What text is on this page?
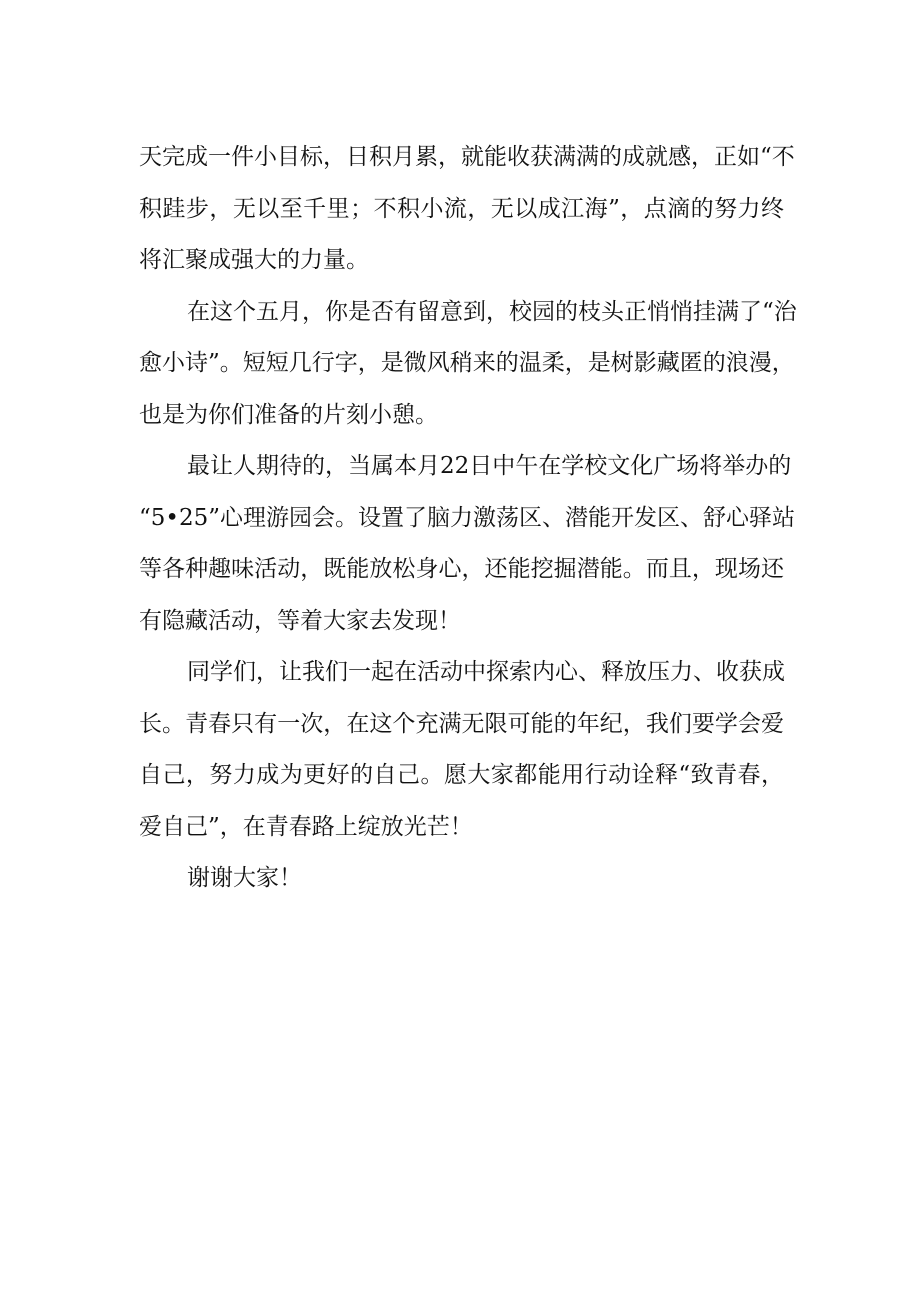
天完成一件小目标，日积月累，就能收获满满的成就感，正如“不
积跬步，无以至千里；不积小流，无以成江海”，点滴的努力终
将汇聚成强大的力量。
在这个五月，你是否有留意到，校园的枝头正悄悄挂满了“治
愈小诗”。短短几行字，是微风稍来的温柔，是树影藏匿的浪漫，
也是为你们准备的片刻小憩。
最让人期待的，当属本月22日中午在学校文化广场将举办的
“5•25”心理游园会。设置了脑力激荡区、潜能开发区、舒心驿站
等各种趣味活动，既能放松身心，还能挖掘潜能。而且，现场还
有隐藏活动，等着大家去发现！
同学们，让我们一起在活动中探索内心、释放压力、收获成
长。青春只有一次，在这个充满无限可能的年纪，我们要学会爱
自己，努力成为更好的自己。愿大家都能用行动诠释“致青春，
爱自己”，在青春路上绽放光芒！
谢谢大家！
